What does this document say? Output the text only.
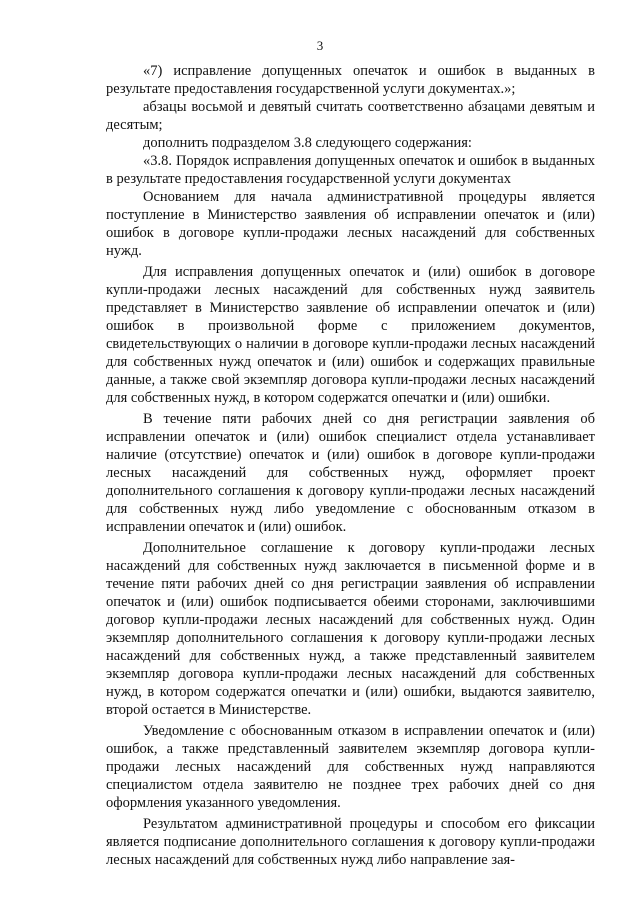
3

«7) исправление допущенных опечаток и ошибок в выданных в результате предоставления государственной услуги документах.»;

абзацы восьмой и девятый считать соответственно абзацами девятым и десятым;

дополнить подразделом 3.8 следующего содержания:

«3.8. Порядок исправления допущенных опечаток и ошибок в выданных в результате предоставления государственной услуги документах

Основанием для начала административной процедуры является поступление в Министерство заявления об исправлении опечаток и (или) ошибок в договоре купли-продажи лесных насаждений для собственных нужд.

Для исправления допущенных опечаток и (или) ошибок в договоре купли-продажи лесных насаждений для собственных нужд заявитель представляет в Министерство заявление об исправлении опечаток и (или) ошибок в произвольной форме с приложением документов, свидетельствующих о наличии в договоре купли-продажи лесных насаждений для собственных нужд опечаток и (или) ошибок и содержащих правильные данные, а также свой экземпляр договора купли-продажи лесных насаждений для собственных нужд, в котором содержатся опечатки и (или) ошибки.

В течение пяти рабочих дней со дня регистрации заявления об исправлении опечаток и (или) ошибок специалист отдела устанавливает наличие (отсутствие) опечаток и (или) ошибок в договоре купли-продажи лесных насаждений для собственных нужд, оформляет проект дополнительного соглашения к договору купли-продажи лесных насаждений для собственных нужд либо уведомление с обоснованным отказом в исправлении опечаток и (или) ошибок.

Дополнительное соглашение к договору купли-продажи лесных насаждений для собственных нужд заключается в письменной форме и в течение пяти рабочих дней со дня регистрации заявления об исправлении опечаток и (или) ошибок подписывается обеими сторонами, заключившими договор купли-продажи лесных насаждений для собственных нужд. Один экземпляр дополнительного соглашения к договору купли-продажи лесных насаждений для собственных нужд, а также представленный заявителем экземпляр договора купли-продажи лесных насаждений для собственных нужд, в котором содержатся опечатки и (или) ошибки, выдаются заявителю, второй остается в Министерстве.

Уведомление с обоснованным отказом в исправлении опечаток и (или) ошибок, а также представленный заявителем экземпляр договора купли-продажи лесных насаждений для собственных нужд направляются специалистом отдела заявителю не позднее трех рабочих дней со дня оформления указанного уведомления.

Результатом административной процедуры и способом его фиксации является подписание дополнительного соглашения к договору купли-продажи лесных насаждений для собственных нужд либо направление зая-
